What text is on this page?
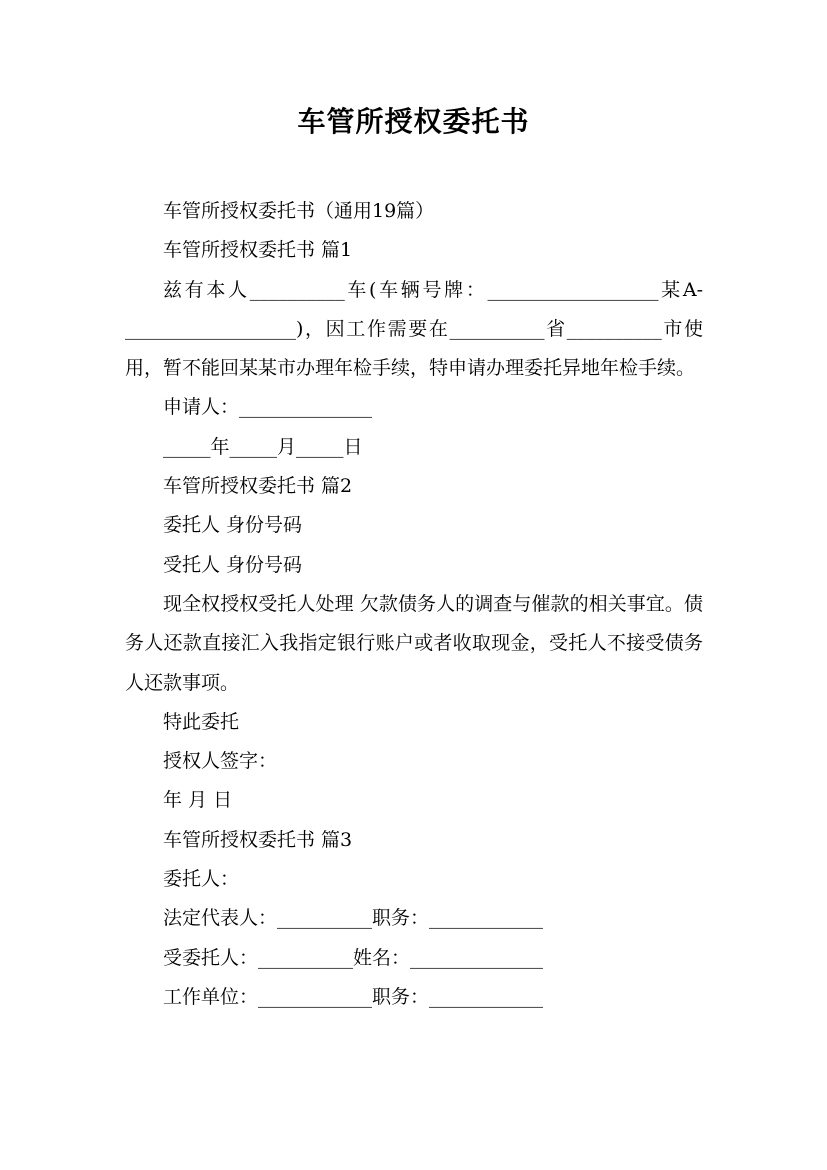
车管所授权委托书

车管所授权委托书（通用19篇）

车管所授权委托书 篇1

兹有本人__________车(车辆号牌：__________________某A-__________________)，因工作需要在__________省__________市使用，暂不能回某某市办理年检手续，特申请办理委托异地年检手续。

申请人：______________

_____年_____月_____日

车管所授权委托书 篇2

委托人 身份号码

受托人 身份号码

现全权授权受托人处理 欠款债务人的调查与催款的相关事宜。债务人还款直接汇入我指定银行账户或者收取现金，受托人不接受债务人还款事项。

特此委托

授权人签字：

年 月 日

车管所授权委托书 篇3

委托人：

法定代表人：__________职务：____________

受委托人：__________姓名：______________

工作单位：____________职务：____________
